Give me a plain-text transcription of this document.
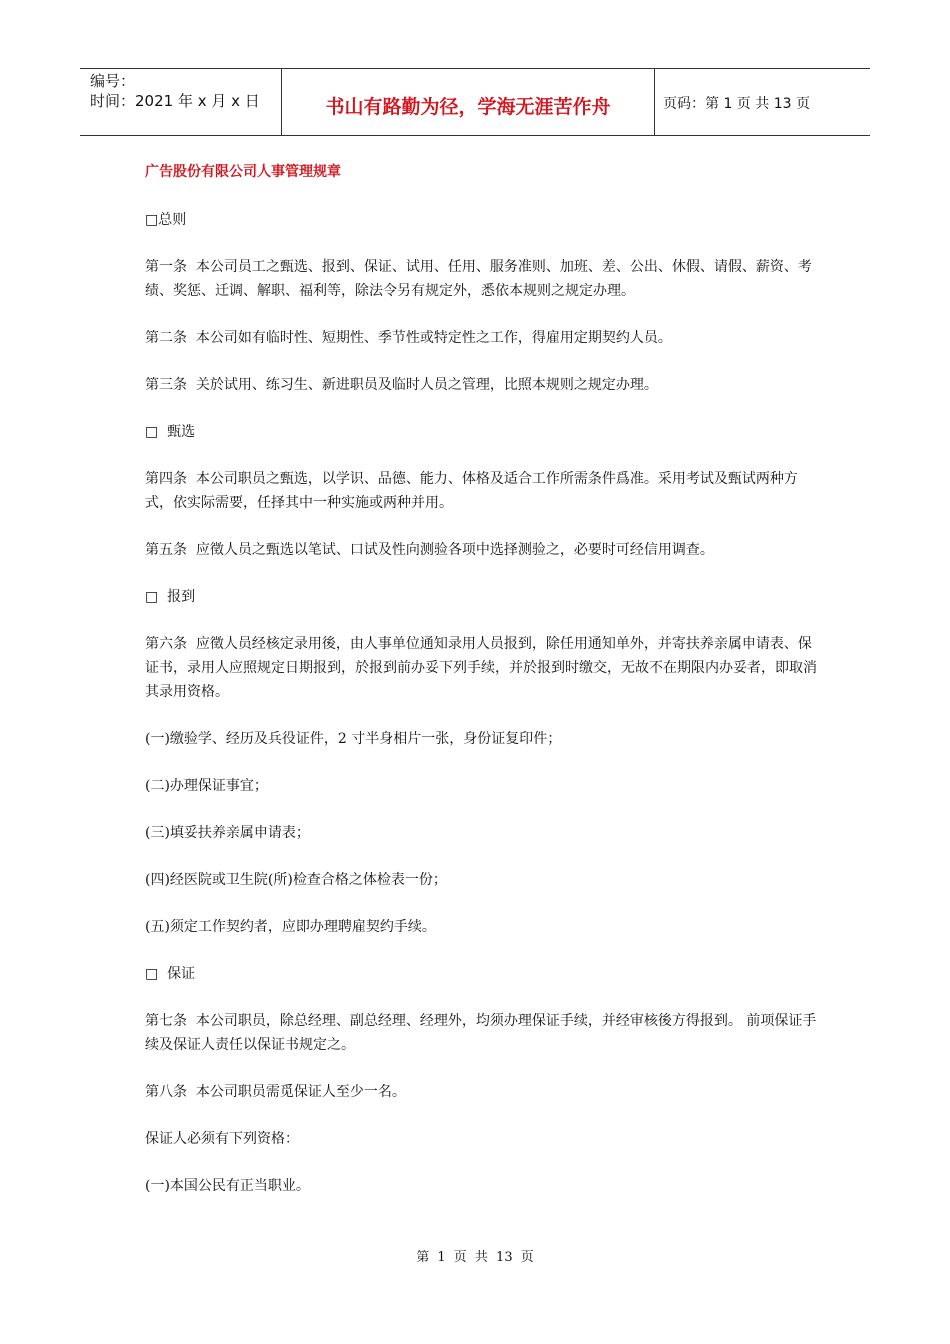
编号：
时间：2021 年 x 月 x 日	书山有路勤为径，学海无涯苦作舟	页码：第 1 页 共 13 页
广告股份有限公司人事管理规章
□总则
第一条  本公司员工之甄选、报到、保证、试用、任用、服务准则、加班、差、公出、休假、请假、薪资、考绩、奖惩、迁调、解职、福利等，除法令另有规定外，悉依本规则之规定办理。
第二条  本公司如有临时性、短期性、季节性或特定性之工作，得雇用定期契约人员。
第三条  关於试用、练习生、新进职员及临时人员之管理，比照本规则之规定办理。
□  甄选
第四条  本公司职员之甄选，以学识、品德、能力、体格及适合工作所需条件爲准。采用考试及甄试两种方式，依实际需要，任择其中一种实施或两种并用。
第五条  应徵人员之甄选以笔试、口试及性向测验各项中选择测验之，必要时可经信用调查。
□  报到
第六条  应徵人员经核定录用後，由人事单位通知录用人员报到，除任用通知单外，并寄扶养亲属申请表、保证书，录用人应照规定日期报到，於报到前办妥下列手续，并於报到时缴交，无故不在期限内办妥者，即取消其录用资格。
(一)缴验学、经历及兵役证件，2 寸半身相片一张，身份证复印件；
(二)办理保证事宜；
(三)填妥扶养亲属申请表；
(四)经医院或卫生院(所)检查合格之体检表一份；
(五)须定工作契约者，应即办理聘雇契约手续。
□  保证
第七条  本公司职员，除总经理、副总经理、经理外，均须办理保证手续，并经审核後方得报到。 前项保证手续及保证人责任以保证书规定之。
第八条  本公司职员需觅保证人至少一名。
保证人必须有下列资格：
(一)本国公民有正当职业。
第 1 页 共 13 页
